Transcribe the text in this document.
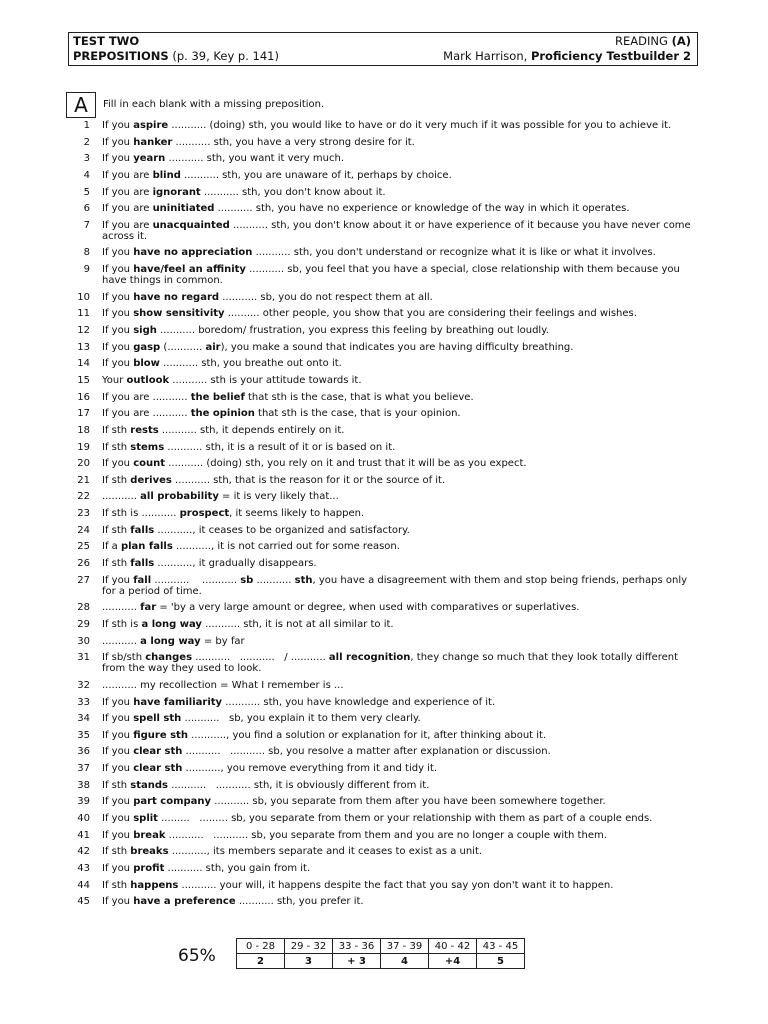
TEST TWO	READING (A)
PREPOSITIONS (p. 39, Key p. 141)	Mark Harrison, Proficiency Testbuilder 2
A	Fill in each blank with a missing preposition.
1 If you aspire ........... (doing) sth, you would like to have or do it very much if it was possible for you to achieve it.
2 If you hanker ........... sth, you have a very strong desire for it.
3 If you yearn ........... sth, you want it very much.
4 If you are blind ........... sth, you are unaware of it, perhaps by choice.
5 If you are ignorant ........... sth, you don't know about it.
6 If you are uninitiated ........... sth, you have no experience or knowledge of the way in which it operates.
7 If you are unacquainted ........... sth, you don't know about it or have experience of it because you have never come across it.
8 If you have no appreciation ........... sth, you don't understand or recognize what it is like or what it involves.
9 If you have/feel an affinity ........... sb, you feel that you have a special, close relationship with them because you have things in common.
10 If you have no regard ........... sb, you do not respect them at all.
11 If you show sensitivity .......... other people, you show that you are considering their feelings and wishes.
12 If you sigh ........... boredom/ frustration, you express this feeling by breathing out loudly.
13 If you gasp (........... air), you make a sound that indicates you are having difficulty breathing.
14 If you blow ........... sth, you breathe out onto it.
15 Your outlook ........... sth is your attitude towards it.
16 If you are ........... the belief that sth is the case, that is what you believe.
17 If you are ........... the opinion that sth is the case, that is your opinion.
18 If sth rests ........... sth, it depends entirely on it.
19 If sth stems ........... sth, it is a result of it or is based on it.
20 If you count ........... (doing) sth, you rely on it and trust that it will be as you expect.
21 If sth derives ........... sth, that is the reason for it or the source of it.
22 ........... all probability = it is very likely that...
23 If sth is ........... prospect, it seems likely to happen.
24 If sth falls ..........., it ceases to be organized and satisfactory.
25 If a plan falls ..........., it is not carried out for some reason.
26 If sth falls ..........., it gradually disappears.
27 If you fall ...........    ........... sb ........... sth, you have a disagreement with them and stop being friends, perhaps only for a period of time.
28 ........... far = 'by a very large amount or degree, when used with comparatives or superlatives.
29 If sth is a long way ........... sth, it is not at all similar to it.
30 ........... a long way = by far
31 If sb/sth changes ...........   ...........   / ........... all recognition, they change so much that they look totally different from the way they used to look.
32 ........... my recollection = What I remember is ...
33 If you have familiarity ........... sth, you have knowledge and experience of it.
34 If you spell sth ...........   sb, you explain it to them very clearly.
35 If you figure sth ..........., you find a solution or explanation for it, after thinking about it.
36 If you clear sth ...........   ........... sb, you resolve a matter after explanation or discussion.
37 If you clear sth ..........., you remove everything from it and tidy it.
38 If sth stands ...........   ........... sth, it is obviously different from it.
39 If you part company ........... sb, you separate from them after you have been somewhere together.
40 If you split .........   ......... sb, you separate from them or your relationship with them as part of a couple ends.
41 If you break ...........   ........... sb, you separate from them and you are no longer a couple with them.
42 If sth breaks ..........., its members separate and it ceases to exist as a unit.
43 If you profit ........... sth, you gain from it.
44 If sth happens ........... your will, it happens despite the fact that you say yon don't want it to happen.
45 If you have a preference ........... sth, you prefer it.
65%	0 - 28	29 - 32	33 - 36	37 - 39	40 - 42	43 - 45
2	3	+ 3	4	+4	5
